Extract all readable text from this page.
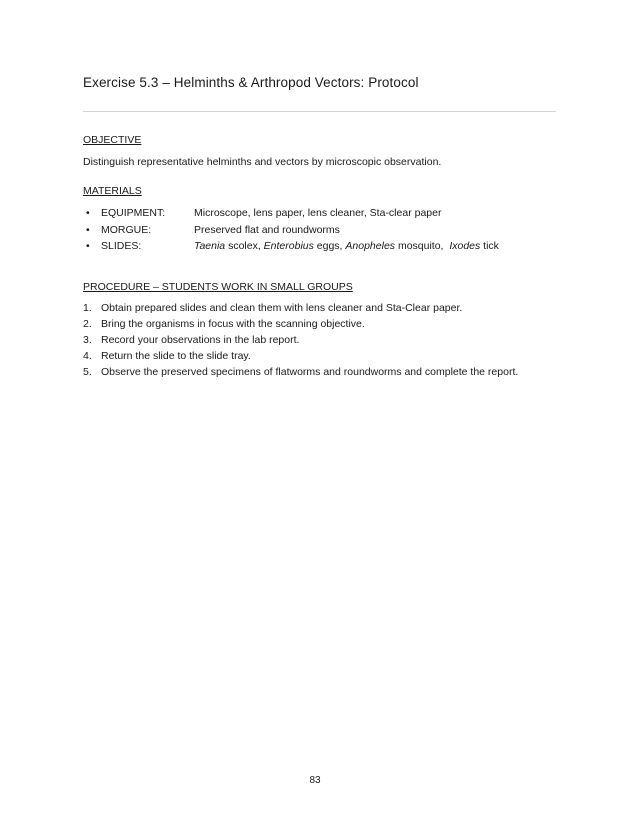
Exercise 5.3 – Helminths & Arthropod Vectors: Protocol
OBJECTIVE
Distinguish representative helminths and vectors by microscopic observation.
MATERIALS
• EQUIPMENT:	Microscope, lens paper, lens cleaner, Sta-clear paper
• MORGUE:	Preserved flat and roundworms
• SLIDES:	Taenia scolex, Enterobius eggs, Anopheles mosquito,  Ixodes tick
PROCEDURE – STUDENTS WORK IN SMALL GROUPS
1. Obtain prepared slides and clean them with lens cleaner and Sta-Clear paper.
2. Bring the organisms in focus with the scanning objective.
3. Record your observations in the lab report.
4. Return the slide to the slide tray.
5. Observe the preserved specimens of flatworms and roundworms and complete the report.
83
